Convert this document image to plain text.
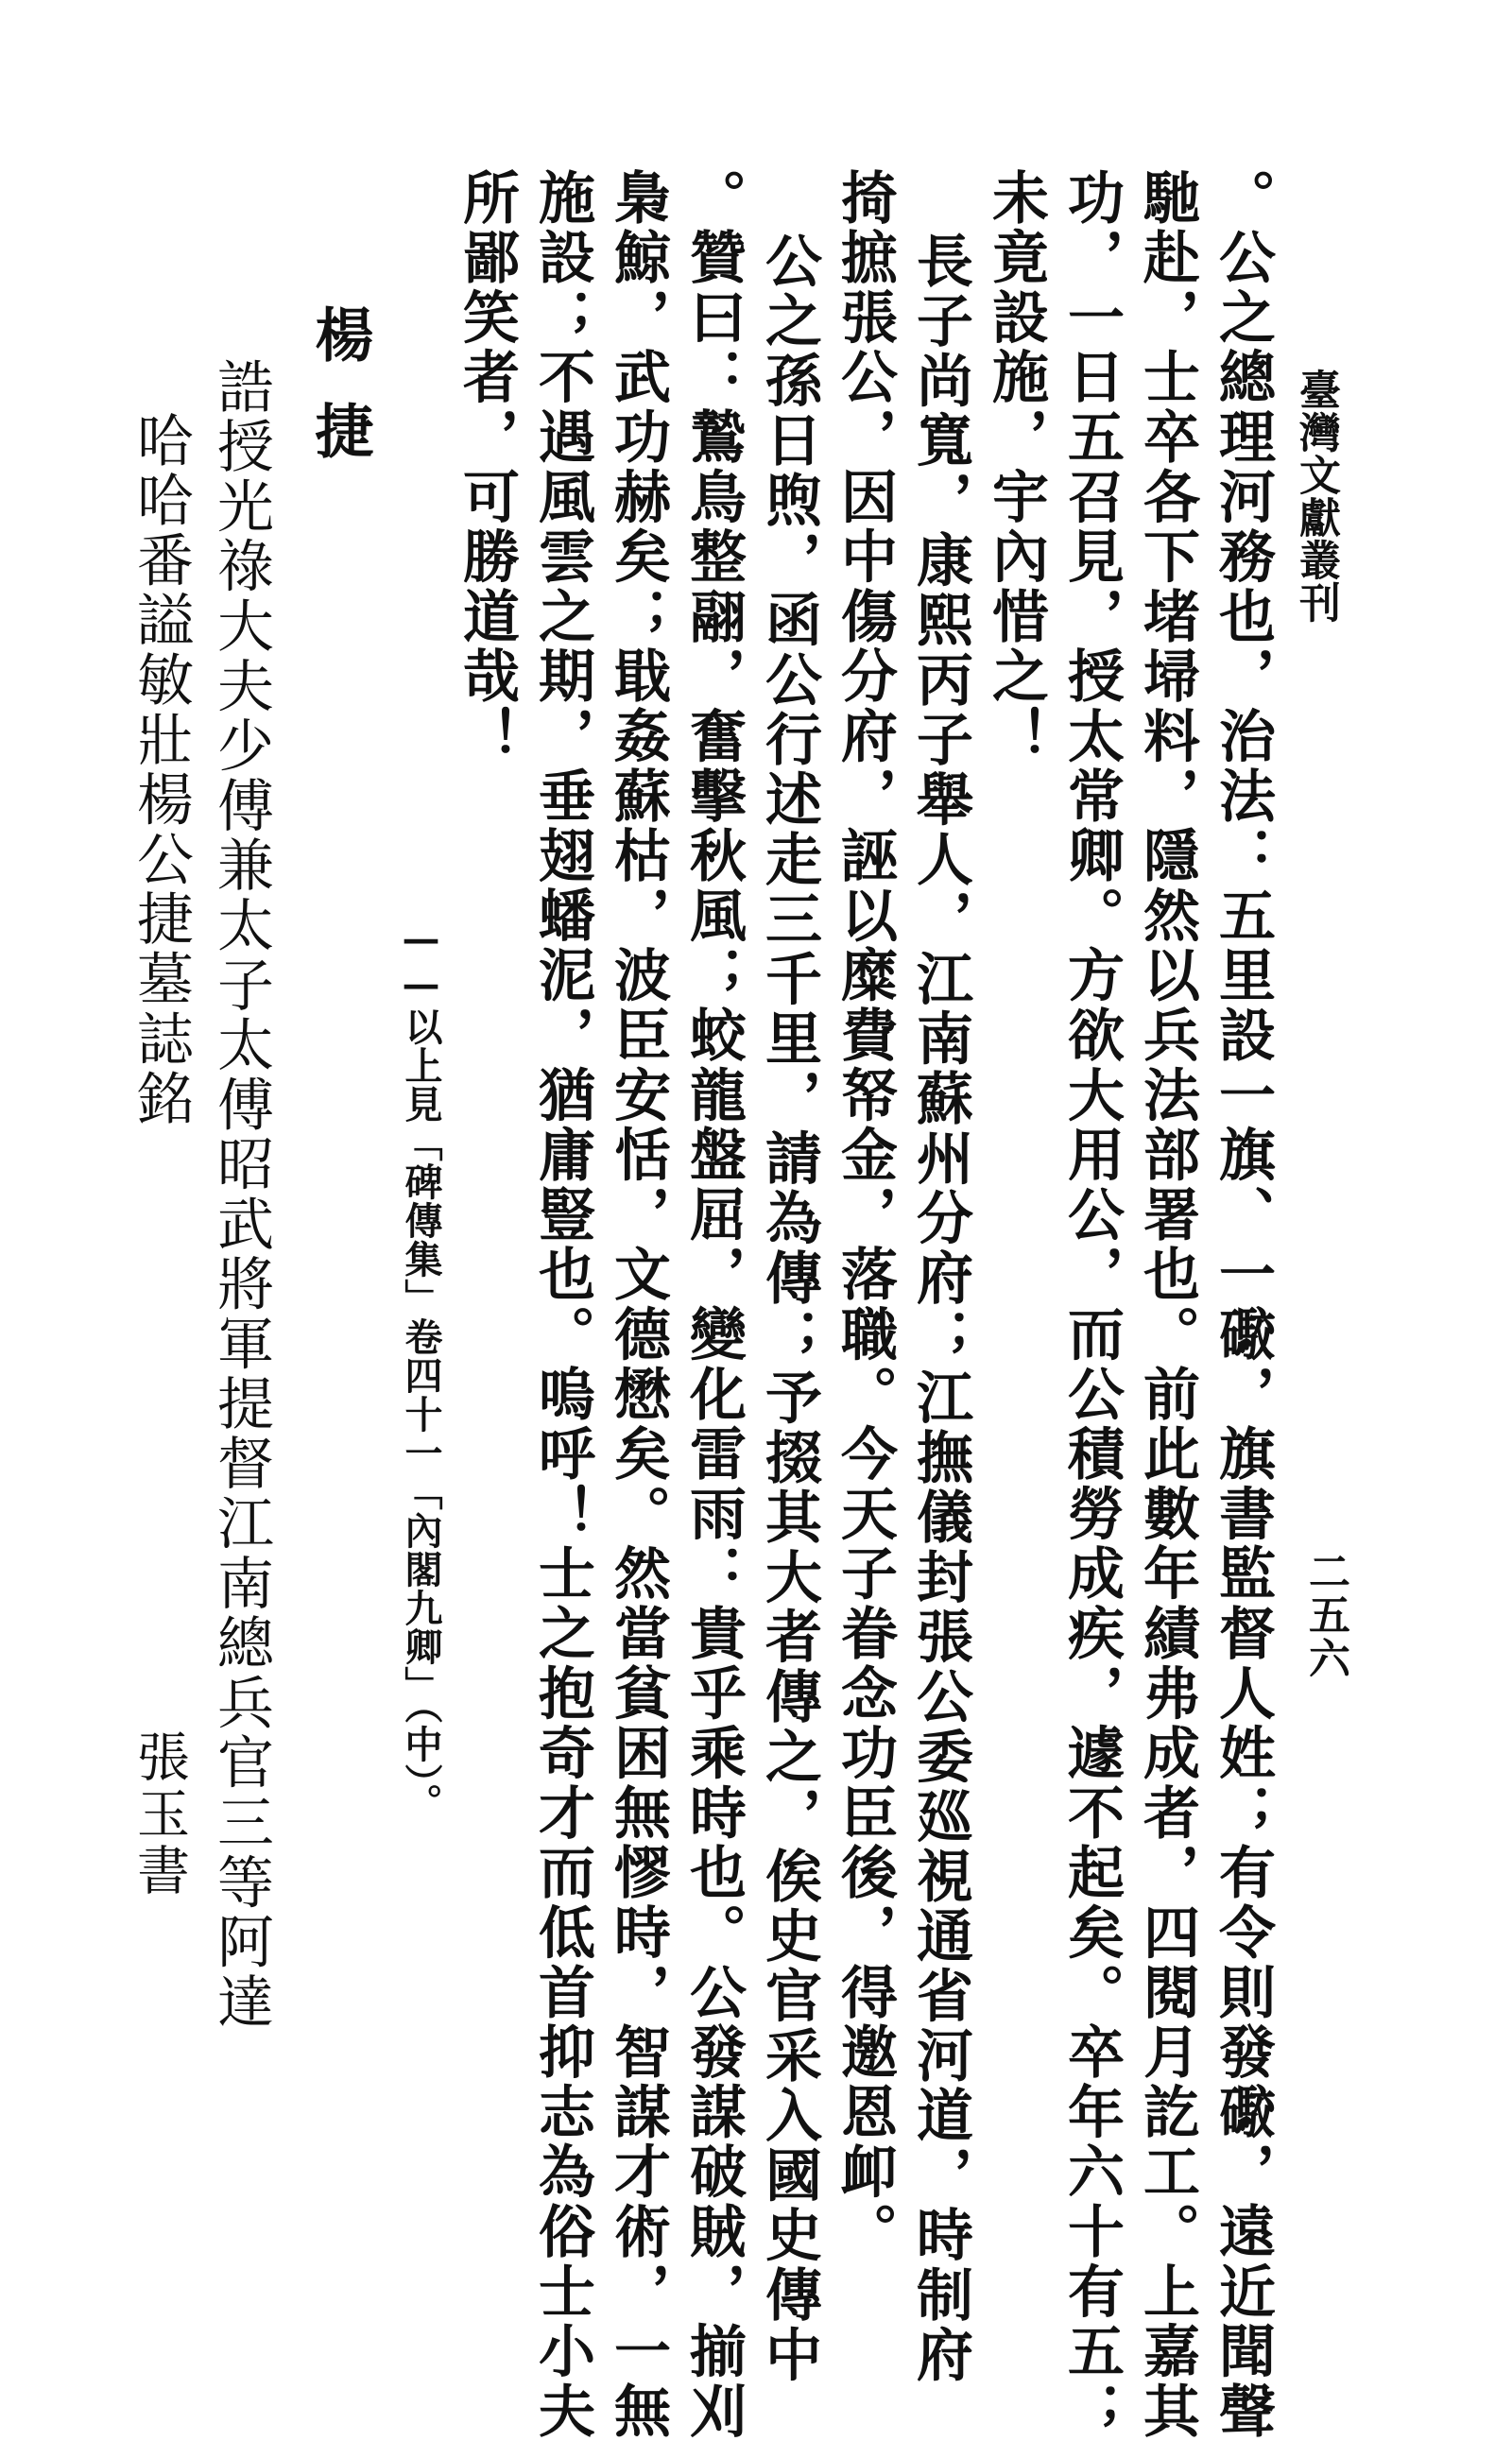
臺灣文獻叢刊
二五六
。公之總理河務也，治法：五里設一旗、一礮，旗書監督人姓；有令則發礮，遠近聞聲
馳赴，士卒各下堵埽料，隱然以兵法部署也。前此數年績弗成者，四閱月訖工。上嘉其
功，一日五召見，授太常卿。方欲大用公，而公積勞成疾，遽不起矣。卒年六十有五；
未竟設施，宇內惜之！
長子尚寬，康熙丙子舉人，江南蘇州分府；江撫儀封張公委廵視通省河道，時制府
掎摭張公，因中傷分府，誣以糜費帑金，落職。今天子眷念功臣後，得邀恩卹。
公之孫日煦，函公行述走三千里，請為傳；予掇其大者傳之，俟史官采入國史傳中
。贊曰：鷙鳥整翮，奮擊秋風；蛟龍盤屈，變化雷雨：貴乎乘時也。公發謀破賊，揃刈
梟鯨，武功赫矣；戢姦蘇枯，波臣安恬，文德懋矣。然當貧困無憀時，智謀才術，一無
施設；不遇風雲之期，垂翅蟠泥，猶庸豎也。嗚呼！士之抱奇才而低首抑志為俗士小夫
所鄙笑者，可勝道哉！
——以上見「碑傳集」卷四十一「內閣九卿」（中）。
楊捷
誥授光祿大夫少傅兼太子太傅昭武將軍提督江南總兵官三等阿達
哈哈番謚敏壯楊公捷墓誌銘
張玉書
